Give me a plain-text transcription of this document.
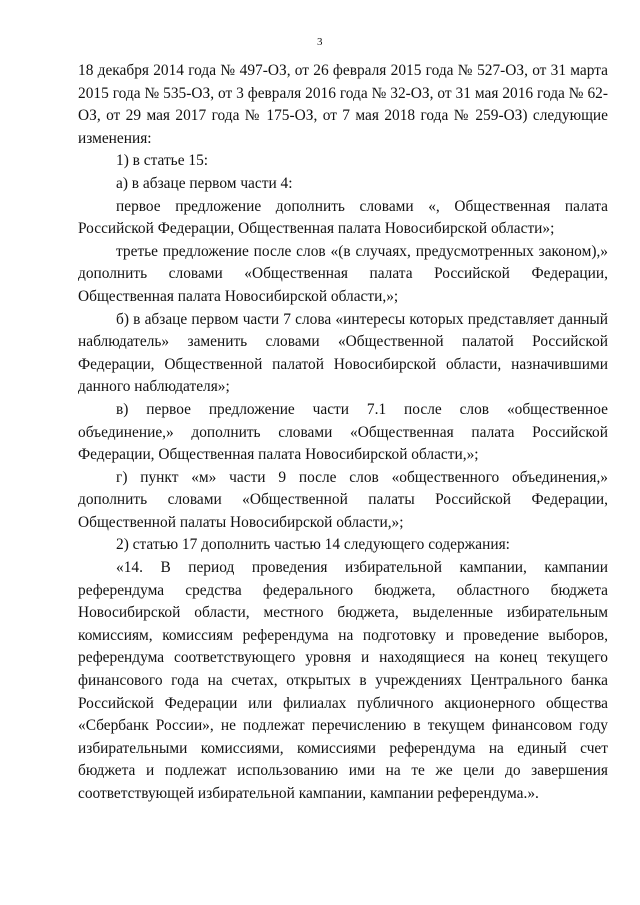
3

18 декабря 2014 года № 497-ОЗ, от 26 февраля 2015 года № 527-ОЗ, от 31 марта 2015 года № 535-ОЗ, от 3 февраля 2016 года № 32-ОЗ, от 31 мая 2016 года № 62-ОЗ, от 29 мая 2017 года № 175-ОЗ, от 7 мая 2018 года № 259-ОЗ) следующие изменения:

1) в статье 15:

а) в абзаце первом части 4:

первое предложение дополнить словами «, Общественная палата Российской Федерации, Общественная палата Новосибирской области»;

третье предложение после слов «(в случаях, предусмотренных законом),» дополнить словами «Общественная палата Российской Федерации, Общественная палата Новосибирской области,»;

б) в абзаце первом части 7 слова «интересы которых представляет данный наблюдатель» заменить словами «Общественной палатой Российской Федерации, Общественной палатой Новосибирской области, назначившими данного наблюдателя»;

в) первое предложение части 7.1 после слов «общественное объединение,» дополнить словами «Общественная палата Российской Федерации, Общественная палата Новосибирской области,»;

г) пункт «м» части 9 после слов «общественного объединения,» дополнить словами «Общественной палаты Российской Федерации, Общественной палаты Новосибирской области,»;

2) статью 17 дополнить частью 14 следующего содержания:

«14. В период проведения избирательной кампании, кампании референдума средства федерального бюджета, областного бюджета Новосибирской области, местного бюджета, выделенные избирательным комиссиям, комиссиям референдума на подготовку и проведение выборов, референдума соответствующего уровня и находящиеся на конец текущего финансового года на счетах, открытых в учреждениях Центрального банка Российской Федерации или филиалах публичного акционерного общества «Сбербанк России», не подлежат перечислению в текущем финансовом году избирательными комиссиями, комиссиями референдума на единый счет бюджета и подлежат использованию ими на те же цели до завершения соответствующей избирательной кампании, кампании референдума.».
